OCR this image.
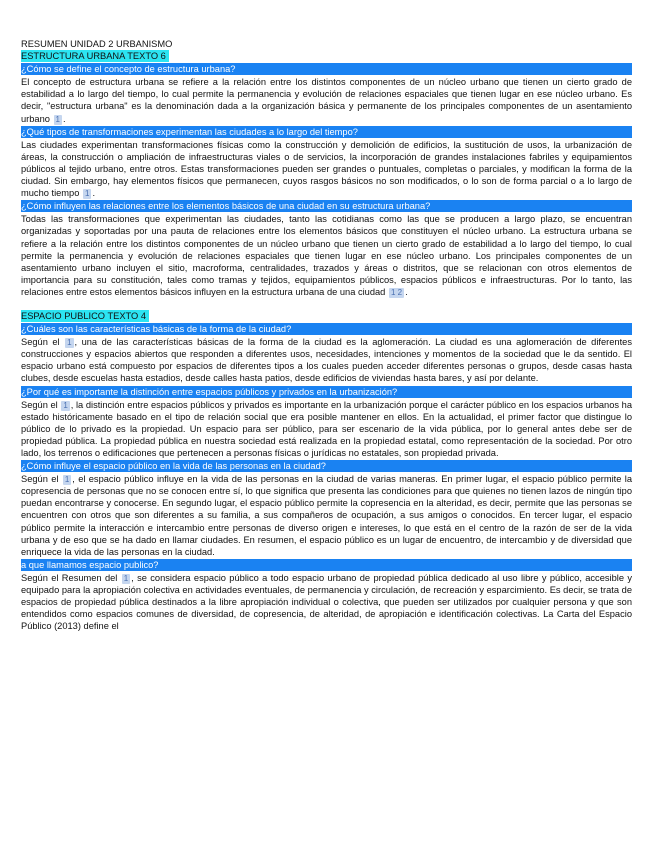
RESUMEN UNIDAD 2 URBANISMO
ESTRUCTURA URBANA TEXTO 6
¿Cómo se define el concepto de estructura urbana?

El concepto de estructura urbana se refiere a la relación entre los distintos componentes de un núcleo urbano que tienen un cierto grado de estabilidad a lo largo del tiempo, lo cual permite la permanencia y evolución de relaciones espaciales que tienen lugar en ese núcleo urbano. Es decir, "estructura urbana" es la denominación dada a la organización básica y permanente de los principales componentes de un asentamiento urbano 1 .

¿Qué tipos de transformaciones experimentan las ciudades a lo largo del tiempo?

Las ciudades experimentan transformaciones físicas como la construcción y demolición de edificios, la sustitución de usos, la urbanización de áreas, la construcción o ampliación de infraestructuras viales o de servicios, la incorporación de grandes instalaciones fabriles y equipamientos públicos al tejido urbano, entre otros. Estas transformaciones pueden ser grandes o puntuales, completas o parciales, y modifican la forma de la ciudad. Sin embargo, hay elementos físicos que permanecen, cuyos rasgos básicos no son modificados, o lo son de forma parcial o a lo largo de mucho tiempo 1 .

¿Cómo influyen las relaciones entre los elementos básicos de una ciudad en su estructura urbana?

Todas las transformaciones que experimentan las ciudades, tanto las cotidianas como las que se producen a largo plazo, se encuentran organizadas y soportadas por una pauta de relaciones entre los elementos básicos que constituyen el núcleo urbano. La estructura urbana se refiere a la relación entre los distintos componentes de un núcleo urbano que tienen un cierto grado de estabilidad a lo largo del tiempo, lo cual permite la permanencia y evolución de relaciones espaciales que tienen lugar en ese núcleo urbano. Los principales componentes de un asentamiento urbano incluyen el sitio, macroforma, centralidades, trazados y áreas o distritos, que se relacionan con otros elementos de importancia para su constitución, tales como tramas y tejidos, equipamientos públicos, espacios públicos e infraestructuras. Por lo tanto, las relaciones entre estos elementos básicos influyen en la estructura urbana de una ciudad 1 2 .

ESPACIO PUBLICO TEXTO 4
¿Cuáles son las características básicas de la forma de la ciudad?

Según el 1 , una de las características básicas de la forma de la ciudad es la aglomeración. La ciudad es una aglomeración de diferentes construcciones y espacios abiertos que responden a diferentes usos, necesidades, intenciones y momentos de la sociedad que le da sentido. El espacio urbano está compuesto por espacios de diferentes tipos a los cuales pueden acceder diferentes personas o grupos, desde casas hasta clubes, desde escuelas hasta estadios, desde calles hasta patios, desde edificios de viviendas hasta bares, y así por delante.

¿Por qué es importante la distinción entre espacios públicos y privados en la urbanización?

Según el 1 , la distinción entre espacios públicos y privados es importante en la urbanización porque el carácter público en los espacios urbanos ha estado históricamente basado en el tipo de relación social que era posible mantener en ellos. En la actualidad, el primer factor que distingue lo público de lo privado es la propiedad. Un espacio para ser público, para ser escenario de la vida pública, por lo general antes debe ser de propiedad pública. La propiedad pública en nuestra sociedad está realizada en la propiedad estatal, como representación de la sociedad. Por otro lado, los terrenos o edificaciones que pertenecen a personas físicas o jurídicas no estatales, son propiedad privada.

¿Cómo influye el espacio público en la vida de las personas en la ciudad?

Según el 1 , el espacio público influye en la vida de las personas en la ciudad de varias maneras. En primer lugar, el espacio público permite la copresencia de personas que no se conocen entre sí, lo que significa que presenta las condiciones para que quienes no tienen lazos de ningún tipo puedan encontrarse y conocerse. En segundo lugar, el espacio público permite la copresencia en la alteridad, es decir, permite que las personas se encuentren con otros que son diferentes a su familia, a sus compañeros de ocupación, a sus amigos o conocidos. En tercer lugar, el espacio público permite la interacción e intercambio entre personas de diverso origen e intereses, lo que está en el centro de la razón de ser de la vida urbana y de eso que se ha dado en llamar ciudades. En resumen, el espacio público es un lugar de encuentro, de intercambio y de diversidad que enriquece la vida de las personas en la ciudad.

a que llamamos espacio publico?

Según el Resumen del 1 , se considera espacio público a todo espacio urbano de propiedad pública dedicado al uso libre y público, accesible y equipado para la apropiación colectiva en actividades eventuales, de permanencia y circulación, de recreación y esparcimiento. Es decir, se trata de espacios de propiedad pública destinados a la libre apropiación individual o colectiva, que pueden ser utilizados por cualquier persona y que son entendidos como espacios comunes de diversidad, de copresencia, de alteridad, de apropiación e identificación colectivas. La Carta del Espacio Público (2013) define el
